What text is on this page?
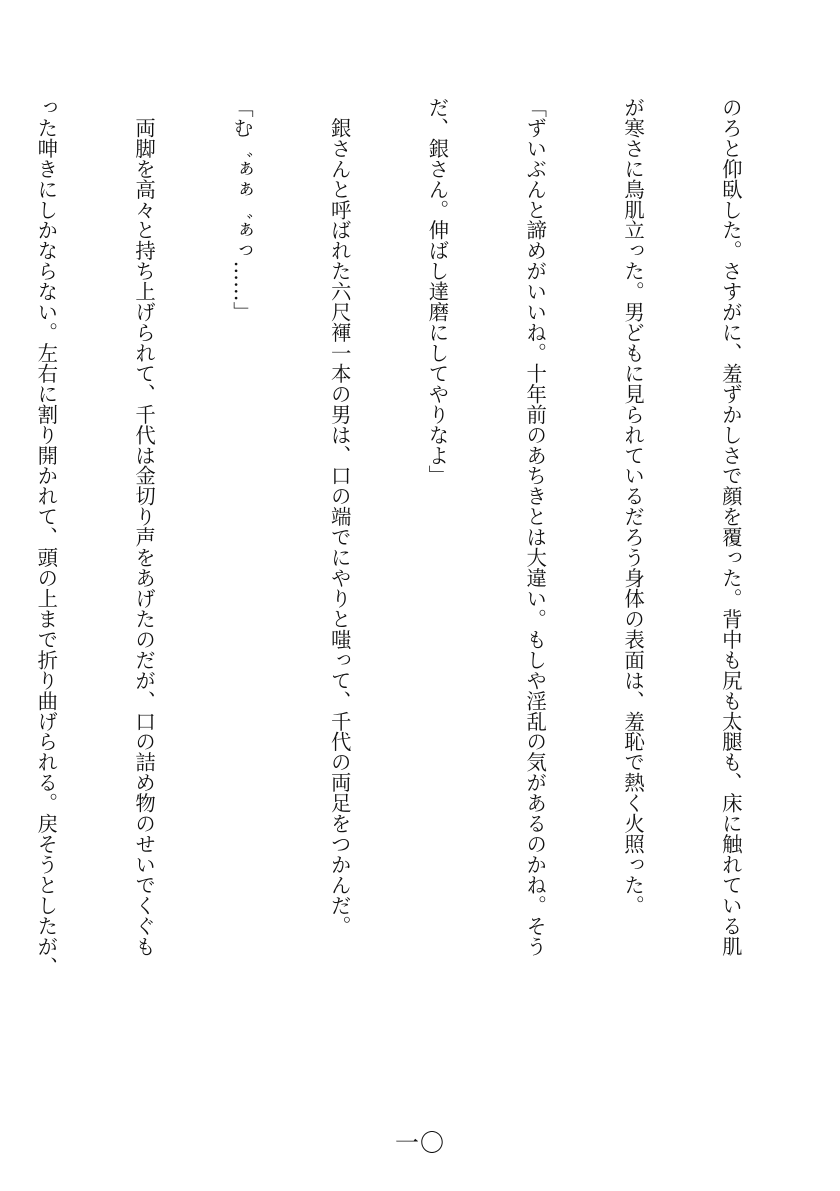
のろと仰臥した。さすがに、羞ずかしさで顔を覆った。背中も尻も太腿も、床に触れている肌

が寒さに鳥肌立った。男どもに見られているだろう身体の表面は、羞恥で熱く火照った。

「ずいぶんと諦めがいいね。十年前のあちきとは大違い。もしや淫乱の気があるのかね。そう

だ、銀さん。伸ばし達磨にしてやりなよ」

　銀さんと呼ばれた六尺褌一本の男は、口の端でにやりと嗤って、千代の両足をつかんだ。

「む゛ぁぁ゛ぁっ……」

　両脚を高々と持ち上げられて、千代は金切り声をあげたのだが、口の詰め物のせいでくぐも

った呻きにしかならない。左右に割り開かれて、頭の上まで折り曲げられる。戻そうとしたが、

一〇
